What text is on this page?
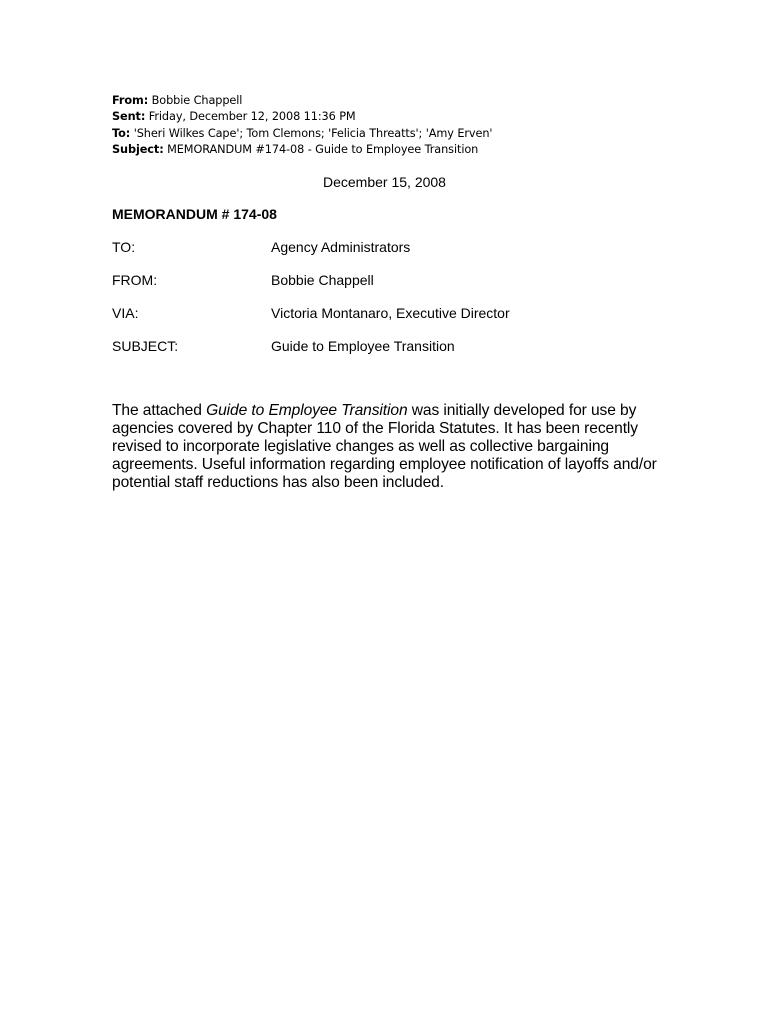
From: Bobbie Chappell
Sent: Friday, December 12, 2008 11:36 PM
To: 'Sheri Wilkes Cape'; Tom Clemons; 'Felicia Threatts'; 'Amy Erven'
Subject: MEMORANDUM #174-08 - Guide to Employee Transition
December 15, 2008
MEMORANDUM # 174-08
TO:	Agency Administrators
FROM:	Bobbie Chappell
VIA:	Victoria Montanaro, Executive Director
SUBJECT:	Guide to Employee Transition
The attached Guide to Employee Transition was initially developed for use by
agencies covered by Chapter 110 of the Florida Statutes. It has been recently
revised to incorporate legislative changes as well as collective bargaining
agreements. Useful information regarding employee notification of layoffs and/or
potential staff reductions has also been included.
